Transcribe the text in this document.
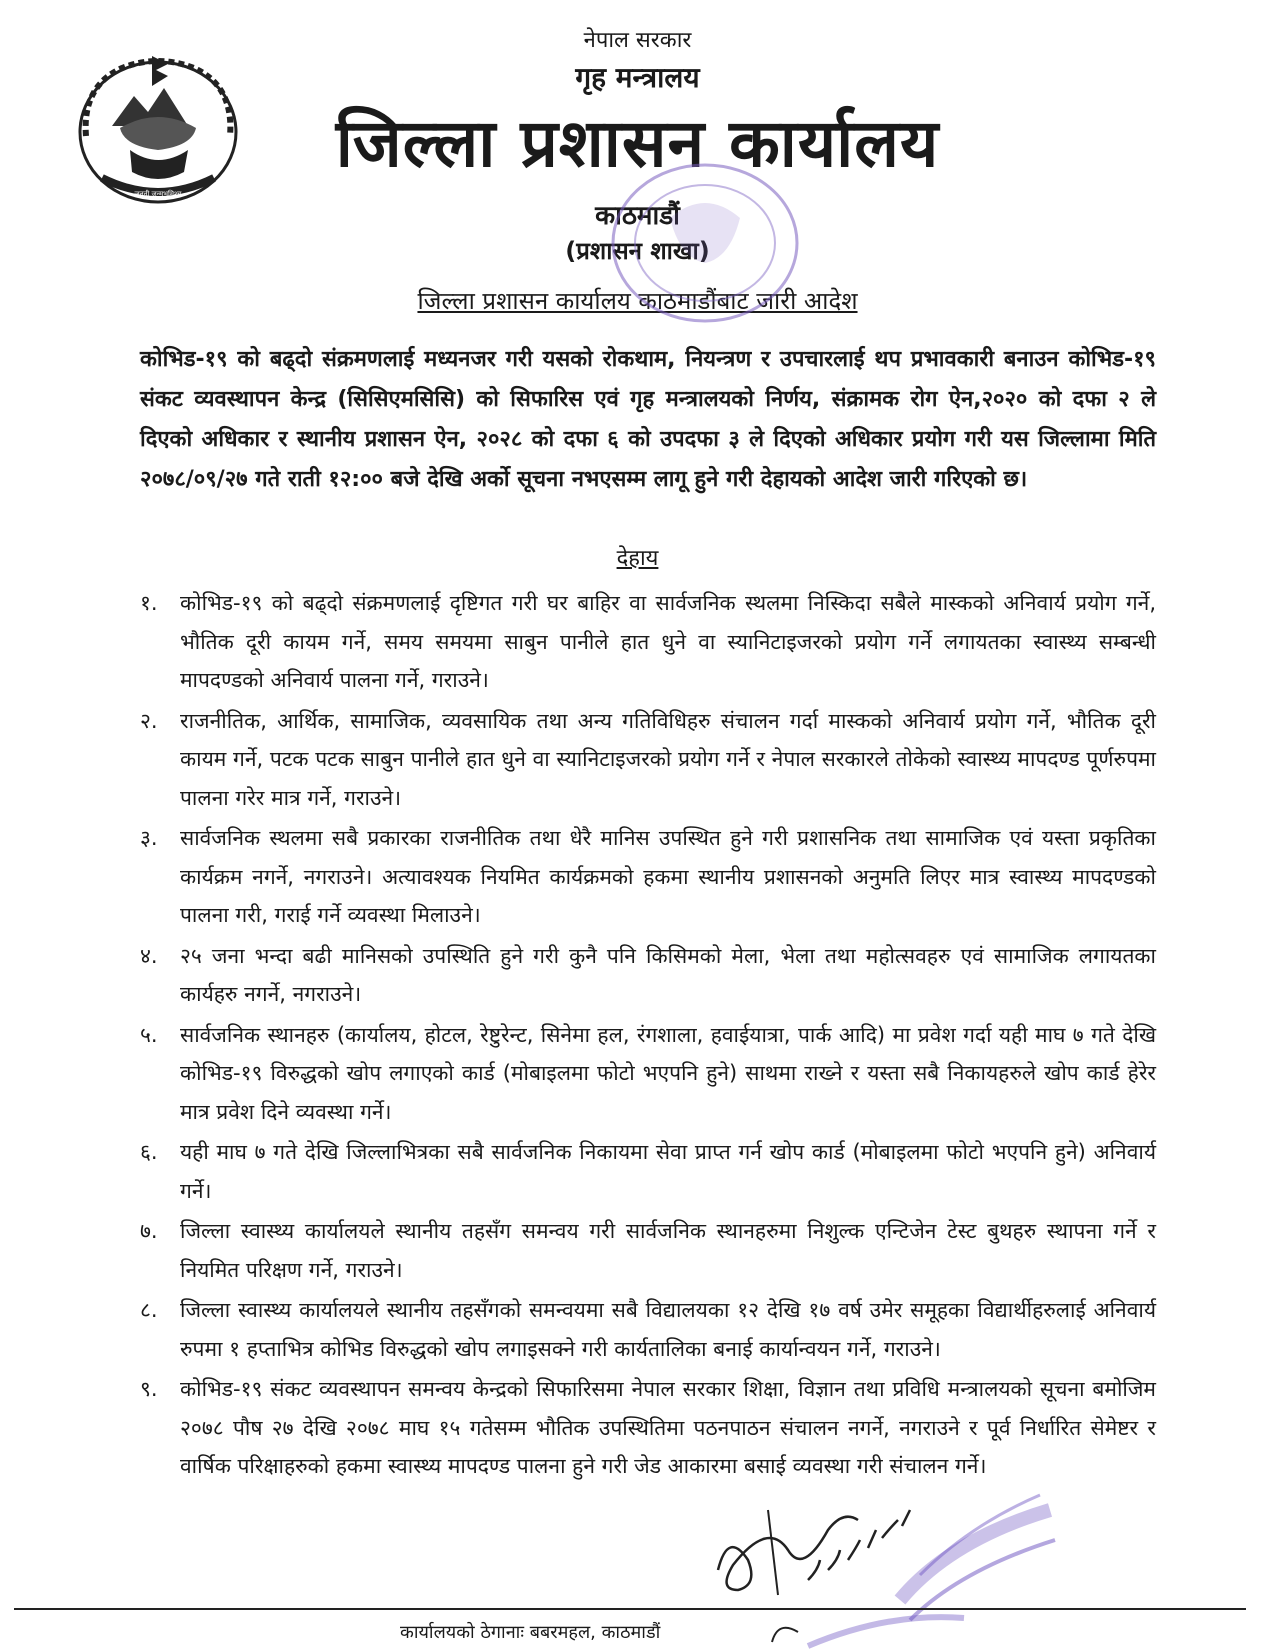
जननी जन्मभूमिश्च
नेपाल सरकार
गृह मन्त्रालय
जिल्ला प्रशासन कार्यालय
काठमाडौं
(प्रशासन शाखा)
जिल्ला प्रशासन कार्यालय काठमाडौंबाट जारी आदेश
कोभिड-१९ को बढ्दो संक्रमणलाई मध्यनजर गरी यसको रोकथाम, नियन्त्रण र उपचारलाई थप प्रभावकारी बनाउन कोभिड-१९ संकट व्यवस्थापन केन्द्र (सिसिएमसिसि) को सिफारिस एवं गृह मन्त्रालयको निर्णय, संक्रामक रोग ऐन,२०२० को दफा २ ले दिएको अधिकार र स्थानीय प्रशासन ऐन, २०२८ को दफा ६ को उपदफा ३ ले दिएको अधिकार प्रयोग गरी यस जिल्लामा मिति २०७८/०९/२७ गते राती १२:०० बजे देखि अर्को सूचना नभएसम्म लागू हुने गरी देहायको आदेश जारी गरिएको छ।
देहाय
१.	कोभिड-१९ को बढ्दो संक्रमणलाई दृष्टिगत गरी घर बाहिर वा सार्वजनिक स्थलमा निस्किदा सबैले मास्कको अनिवार्य प्रयोग गर्ने, भौतिक दूरी कायम गर्ने, समय समयमा साबुन पानीले हात धुने वा स्यानिटाइजरको प्रयोग गर्ने लगायतका स्वास्थ्य सम्बन्धी मापदण्डको अनिवार्य पालना गर्ने, गराउने।
२.	राजनीतिक, आर्थिक, सामाजिक, व्यवसायिक तथा अन्य गतिविधिहरु संचालन गर्दा मास्कको अनिवार्य प्रयोग गर्ने, भौतिक दूरी कायम गर्ने, पटक पटक साबुन पानीले हात धुने वा स्यानिटाइजरको प्रयोग गर्ने र नेपाल सरकारले तोकेको स्वास्थ्य मापदण्ड पूर्णरुपमा पालना गरेर मात्र गर्ने, गराउने।
३.	सार्वजनिक स्थलमा सबै प्रकारका राजनीतिक तथा धेरै मानिस उपस्थित हुने गरी प्रशासनिक तथा सामाजिक एवं यस्ता प्रकृतिका कार्यक्रम नगर्ने, नगराउने। अत्यावश्यक नियमित कार्यक्रमको हकमा स्थानीय प्रशासनको अनुमति लिएर मात्र स्वास्थ्य मापदण्डको पालना गरी, गराई गर्ने व्यवस्था मिलाउने।
४.	२५ जना भन्दा बढी मानिसको उपस्थिति हुने गरी कुनै पनि किसिमको मेला, भेला तथा महोत्सवहरु एवं सामाजिक लगायतका कार्यहरु नगर्ने, नगराउने।
५.	सार्वजनिक स्थानहरु (कार्यालय, होटल, रेष्टुरेन्ट, सिनेमा हल, रंगशाला, हवाईयात्रा, पार्क आदि) मा प्रवेश गर्दा यही माघ ७ गते देखि कोभिड-१९ विरुद्धको खोप लगाएको कार्ड (मोबाइलमा फोटो भएपनि हुने) साथमा राख्ने र यस्ता सबै निकायहरुले खोप कार्ड हेरेर मात्र प्रवेश दिने व्यवस्था गर्ने।
६.	यही माघ ७ गते देखि जिल्लाभित्रका सबै सार्वजनिक निकायमा सेवा प्राप्त गर्न खोप कार्ड (मोबाइलमा फोटो भएपनि हुने) अनिवार्य गर्ने।
७.	जिल्ला स्वास्थ्य कार्यालयले स्थानीय तहसँग समन्वय गरी सार्वजनिक स्थानहरुमा निशुल्क एन्टिजेन टेस्ट बुथहरु स्थापना गर्ने र नियमित परिक्षण गर्ने, गराउने।
८.	जिल्ला स्वास्थ्य कार्यालयले स्थानीय तहसँगको समन्वयमा सबै विद्यालयका १२ देखि १७ वर्ष उमेर समूहका विद्यार्थीहरुलाई अनिवार्य रुपमा १ हप्ताभित्र कोभिड विरुद्धको खोप लगाइसक्ने गरी कार्यतालिका बनाई कार्यान्वयन गर्ने, गराउने।
९.	कोभिड-१९ संकट व्यवस्थापन समन्वय केन्द्रको सिफारिसमा नेपाल सरकार शिक्षा, विज्ञान तथा प्रविधि मन्त्रालयको सूचना बमोजिम २०७८ पौष २७ देखि २०७८ माघ १५ गतेसम्म भौतिक उपस्थितिमा पठनपाठन संचालन नगर्ने, नगराउने र पूर्व निर्धारित सेमेष्टर र वार्षिक परिक्षाहरुको हकमा स्वास्थ्य मापदण्ड पालना हुने गरी जेड आकारमा बसाई व्यवस्था गरी संचालन गर्ने।
कार्यालयको ठेगानाः बबरमहल, काठमाडौं
